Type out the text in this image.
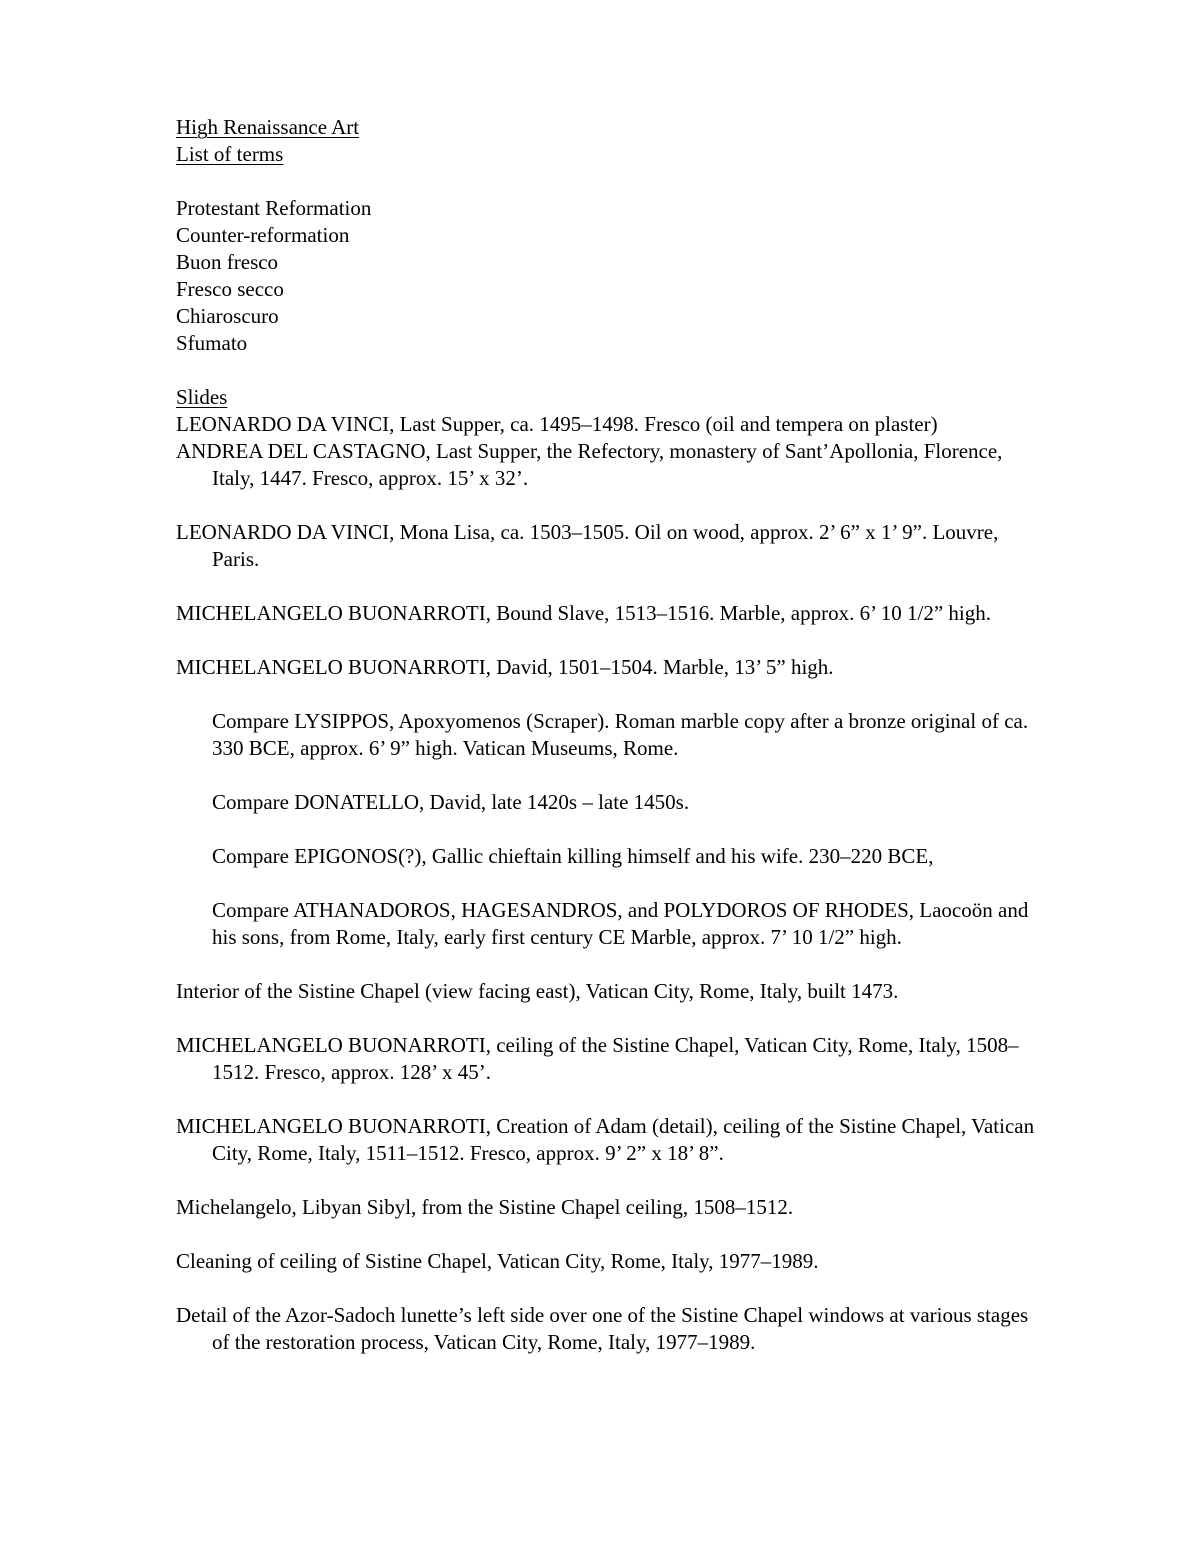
High Renaissance Art
List of terms
Protestant Reformation
Counter-reformation
Buon fresco
Fresco secco
Chiaroscuro
Sfumato
Slides
LEONARDO DA VINCI, Last Supper, ca. 1495–1498. Fresco (oil and tempera on plaster)
ANDREA DEL CASTAGNO, Last Supper, the Refectory, monastery of Sant’Apollonia, Florence, Italy, 1447. Fresco, approx. 15’ x 32’.
LEONARDO DA VINCI, Mona Lisa, ca. 1503–1505. Oil on wood, approx. 2’ 6” x 1’ 9”. Louvre, Paris.
MICHELANGELO BUONARROTI, Bound Slave, 1513–1516. Marble, approx. 6’ 10 1/2” high.
MICHELANGELO BUONARROTI, David, 1501–1504. Marble, 13’ 5” high.
Compare LYSIPPOS, Apoxyomenos (Scraper). Roman marble copy after a bronze original of ca. 330 BCE, approx. 6’ 9” high. Vatican Museums, Rome.
Compare DONATELLO, David, late 1420s – late 1450s.
Compare EPIGONOS(?), Gallic chieftain killing himself and his wife. 230–220 BCE,
Compare ATHANADOROS, HAGESANDROS, and POLYDOROS OF RHODES, Laocoön and his sons, from Rome, Italy, early first century CE Marble, approx. 7’ 10 1/2” high.
Interior of the Sistine Chapel (view facing east), Vatican City, Rome, Italy, built 1473.
MICHELANGELO BUONARROTI, ceiling of the Sistine Chapel, Vatican City, Rome, Italy, 1508–1512. Fresco, approx. 128’ x 45’.
MICHELANGELO BUONARROTI, Creation of Adam (detail), ceiling of the Sistine Chapel, Vatican City, Rome, Italy, 1511–1512. Fresco, approx. 9’ 2” x 18’ 8”.
Michelangelo, Libyan Sibyl, from the Sistine Chapel ceiling, 1508–1512.
Cleaning of ceiling of Sistine Chapel, Vatican City, Rome, Italy, 1977–1989.
Detail of the Azor-Sadoch lunette’s left side over one of the Sistine Chapel windows at various stages of the restoration process, Vatican City, Rome, Italy, 1977–1989.
